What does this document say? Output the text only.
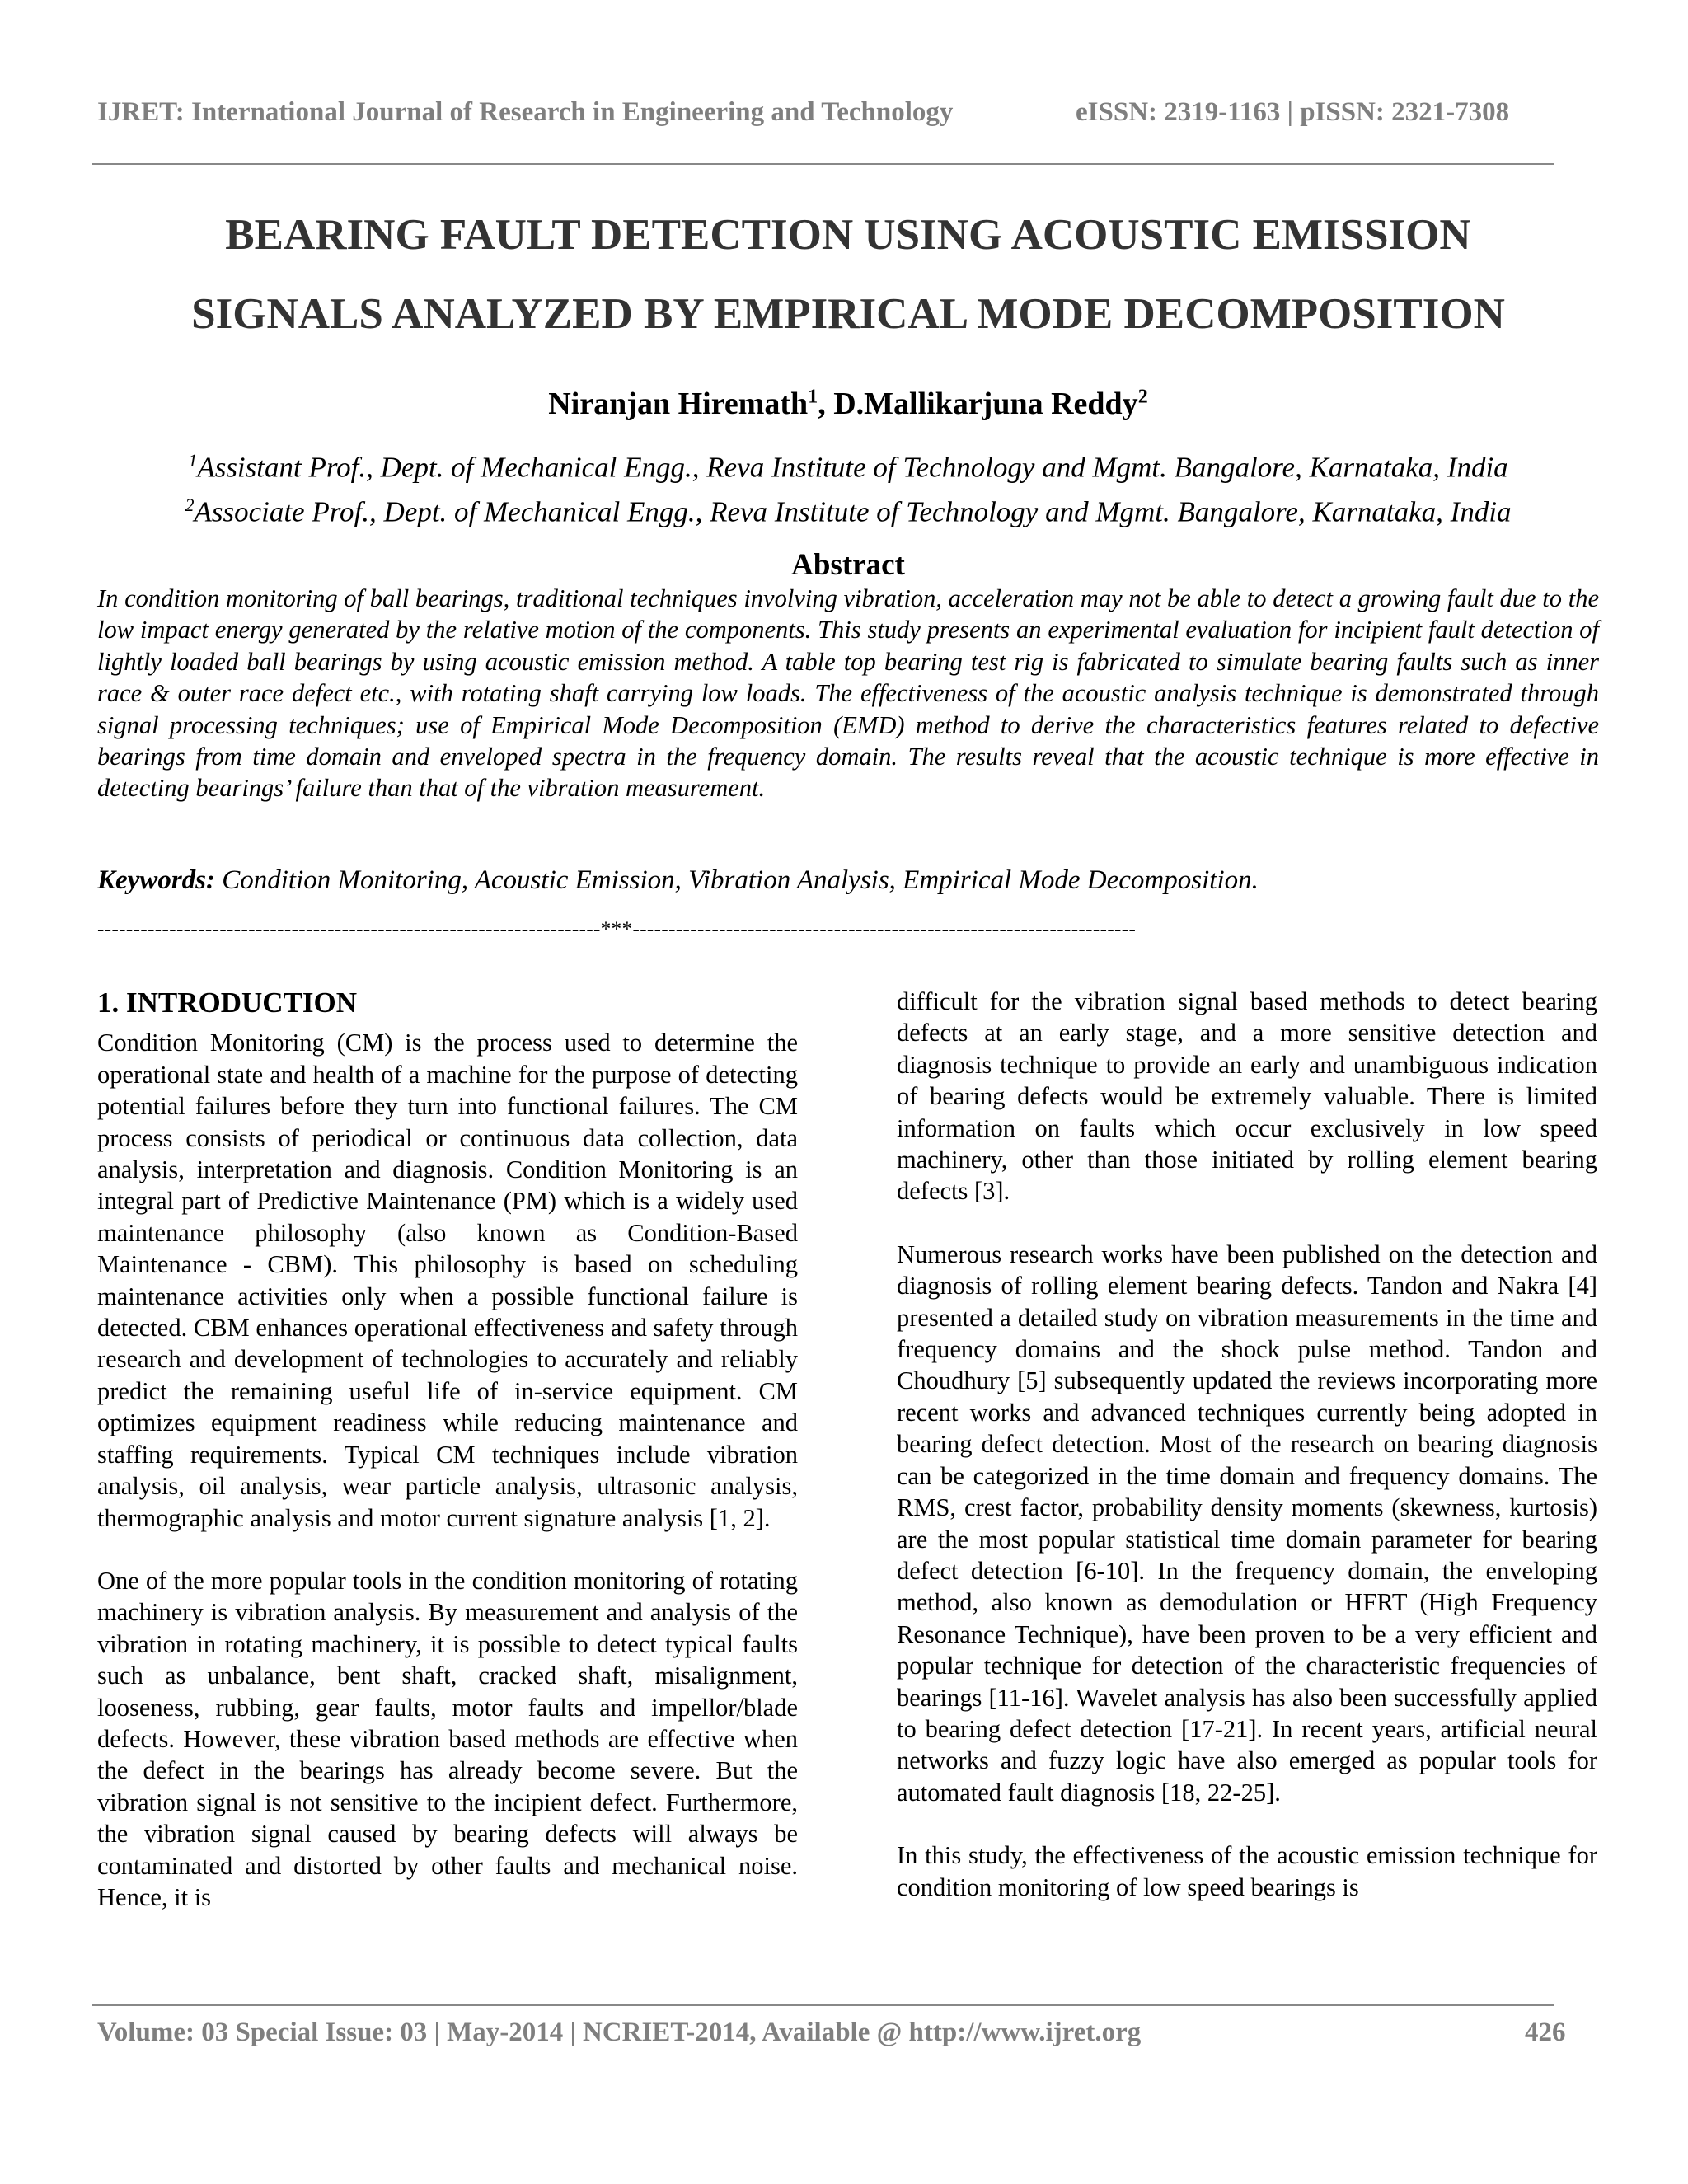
IJRET: International Journal of Research in Engineering and Technology	eISSN: 2319-1163 | pISSN: 2321-7308
BEARING FAULT DETECTION USING ACOUSTIC EMISSION
SIGNALS ANALYZED BY EMPIRICAL MODE DECOMPOSITION
Niranjan Hiremath$^1$, D.Mallikarjuna Reddy$^2$
$^1$Assistant Prof., Dept. of Mechanical Engg., Reva Institute of Technology and Mgmt. Bangalore, Karnataka, India
$^2$Associate Prof., Dept. of Mechanical Engg., Reva Institute of Technology and Mgmt. Bangalore, Karnataka, India
Abstract
In condition monitoring of ball bearings, traditional techniques involving vibration, acceleration may not be able to detect a growing fault due to the low impact energy generated by the relative motion of the components. This study presents an experimental evaluation for incipient fault detection of lightly loaded ball bearings by using acoustic emission method. A table top bearing test rig is fabricated to simulate bearing faults such as inner race & outer race defect etc., with rotating shaft carrying low loads. The effectiveness of the acoustic analysis technique is demonstrated through signal processing techniques; use of Empirical Mode Decomposition (EMD) method to derive the characteristics features related to defective bearings from time domain and enveloped spectra in the frequency domain. The results reveal that the acoustic technique is more effective in detecting bearings’ failure than that of the vibration measurement.
Keywords: Condition Monitoring, Acoustic Emission, Vibration Analysis, Empirical Mode Decomposition.
----------------------------------------------------------------------***----------------------------------------------------------------------
1. INTRODUCTION

Condition Monitoring (CM) is the process used to determine the operational state and health of a machine for the purpose of detecting potential failures before they turn into functional failures. The CM process consists of periodical or continuous data collection, data analysis, interpretation and diagnosis. Condition Monitoring is an integral part of Predictive Maintenance (PM) which is a widely used maintenance philosophy (also known as Condition-Based Maintenance - CBM). This philosophy is based on scheduling maintenance activities only when a possible functional failure is detected. CBM enhances operational effectiveness and safety through research and development of technologies to accurately and reliably predict the remaining useful life of in-service equipment. CM optimizes equipment readiness while reducing maintenance and staffing requirements. Typical CM techniques include vibration analysis, oil analysis, wear particle analysis, ultrasonic analysis, thermographic analysis and motor current signature analysis [1, 2].

One of the more popular tools in the condition monitoring of rotating machinery is vibration analysis. By measurement and analysis of the vibration in rotating machinery, it is possible to detect typical faults such as unbalance, bent shaft, cracked shaft, misalignment, looseness, rubbing, gear faults, motor faults and impellor/blade defects. However, these vibration based methods are effective when the defect in the bearings has already become severe. But the vibration signal is not sensitive to the incipient defect. Furthermore, the vibration signal caused by bearing defects will always be contaminated and distorted by other faults and mechanical noise. Hence, it is

difficult for the vibration signal based methods to detect bearing defects at an early stage, and a more sensitive detection and diagnosis technique to provide an early and unambiguous indication of bearing defects would be extremely valuable. There is limited information on faults which occur exclusively in low speed machinery, other than those initiated by rolling element bearing defects [3].

Numerous research works have been published on the detection and diagnosis of rolling element bearing defects. Tandon and Nakra [4] presented a detailed study on vibration measurements in the time and frequency domains and the shock pulse method. Tandon and Choudhury [5] subsequently updated the reviews incorporating more recent works and advanced techniques currently being adopted in bearing defect detection. Most of the research on bearing diagnosis can be categorized in the time domain and frequency domains. The RMS, crest factor, probability density moments (skewness, kurtosis) are the most popular statistical time domain parameter for bearing defect detection [6-10]. In the frequency domain, the enveloping method, also known as demodulation or HFRT (High Frequency Resonance Technique), have been proven to be a very efficient and popular technique for detection of the characteristic frequencies of bearings [11-16]. Wavelet analysis has also been successfully applied to bearing defect detection [17-21]. In recent years, artificial neural networks and fuzzy logic have also emerged as popular tools for automated fault diagnosis [18, 22-25].

In this study, the effectiveness of the acoustic emission technique for condition monitoring of low speed bearings is

Volume: 03 Special Issue: 03 | May-2014 | NCRIET-2014, Available @ http://www.ijret.org	426
